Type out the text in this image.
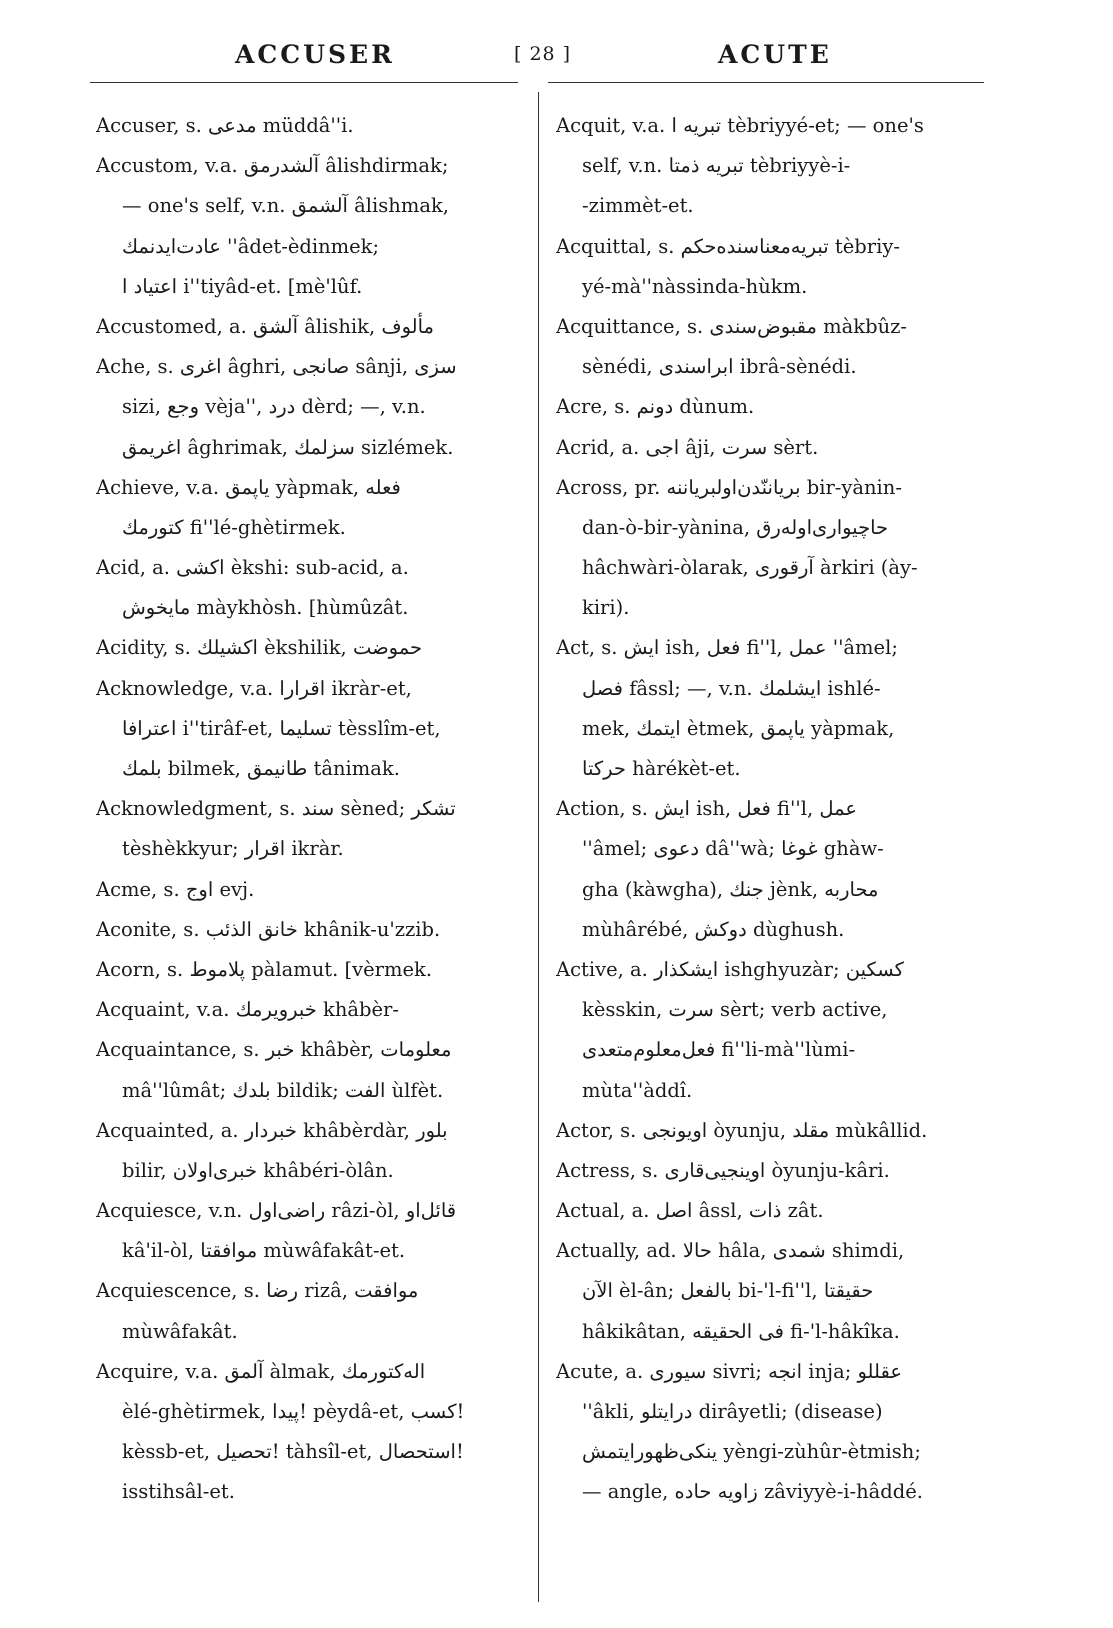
ACCUSER	[ 28 ]	ACUTE
Accuser, s. مدعى müddâ''i.
Accustom, v.a. آلشدرمق âlishdirmak;
— one's self, v.n. آلشمق âlishmak,
عادت‌ایدنمك ''âdet-èdinmek;
اعتیاد ا i''tiyâd-et. [mè'lûf.
Accustomed, a. آلشق âlishik, مألوف
Ache, s. اغری âghri, صانجی sânji, سزی
sizi, وجع vèja'', درد dèrd; —, v.n.
اغریمق âghrimak, سزلمك sizlémek.
Achieve, v.a. یاپمق yàpmak, فعله
کتورمك fi''lé-ghètirmek.
Acid, a. اکشی èkshi: sub-acid, a.
مایخوش màykhòsh. [hùmûzât.
Acidity, s. اکشیلك èkshilik, حموضت
Acknowledge, v.a. اقرارا ikràr-et,
اعترافا i''tirâf-et, تسلیما tèsslîm-et,
بلمك bilmek, طانیمق tânimak.
Acknowledgment, s. سند sèned; تشکر
tèshèkkyur; اقرار ikràr.
Acme, s. اوج evj.
Aconite, s. خانق الذئب khânik-u'zzib.
Acorn, s. پلاموط pàlamut. [vèrmek.
Acquaint, v.a. خبرویرمك khâbèr-
Acquaintance, s. خبر khâbèr, معلومات
mâ''lûmât; بلدك bildik; الفت ùlfèt.
Acquainted, a. خبردار khâbèrdàr, بلور
bilir, خبری‌اولان khâbéri-òlân.
Acquiesce, v.n. راضی‌اول râzi-òl, قائل‌او
kâ'il-òl, موافقتا mùwâfakât-et.
Acquiescence, s. رضا rizâ, موافقت
mùwâfakât.
Acquire, v.a. آلمق àlmak, الەکتورمك
èlé-ghètirmek, پیدا! pèydâ-et, کسب!
kèssb-et, تحصیل! tàhsîl-et, استحصال!
isstihsâl-et.
Acquit, v.a. تبریه ا tèbriyyé-et; — one's
self, v.n. تبریه ذمتا tèbriyyè-i-
-zimmèt-et.
Acquittal, s. تبریه‌معناسنده‌حکم tèbriy-
yé-mà''nàssinda-hùkm.
Acquittance, s. مقبوض‌سندی màkbûz-
sènédi, ابراسندی ibrâ-sènédi.
Acre, s. دونم dùnum.
Acrid, a. اجی âji, سرت sèrt.
Across, pr. بریاننّدن‌اولبریاننه bir-yànin-
dan-ò-bir-yànina, حاچیواری‌اولەرق
hâchwàri-òlarak, آرقوری àrkiri (ày-
kiri).
Act, s. ایش ish, فعل fi''l, عمل ''âmel;
فصل fâssl; —, v.n. ایشلمك ishlé-
mek, ایتمك ètmek, یاپمق yàpmak,
حرکتا hàrékèt-et.
Action, s. ایش ish, فعل fi''l, عمل
''âmel; دعوی dâ''wà; غوغا ghàw-
gha (kàwgha), جنك jènk, محاربه
mùhârébé, دوکش dùghush.
Active, a. ایشکذار ishghyuzàr; کسکین
kèsskin, سرت sèrt; verb active,
فعل‌معلوم‌متعدی fi''li-mà''lùmi-
mùta''àddî.
Actor, s. اویونجی òyunju, مقلد mùkâllid.
Actress, s. اوینجیی‌قاری òyunju-kâri.
Actual, a. اصل âssl, ذات zât.
Actually, ad. حالا hâla, شمدی shimdi,
الآن èl-ân; بالفعل bi-'l-fi''l, حقیقتا
hâkikâtan, فی الحقیقه fi-'l-hâkîka.
Acute, a. سیوری sivri; انجه inja; عقللو
''âkli, درایتلو dirâyetli; (disease)
ینکی‌ظهورایتمش yèngi-zùhûr-ètmish;
— angle, زاویه حاده zâviyyè-i-hâddé.
